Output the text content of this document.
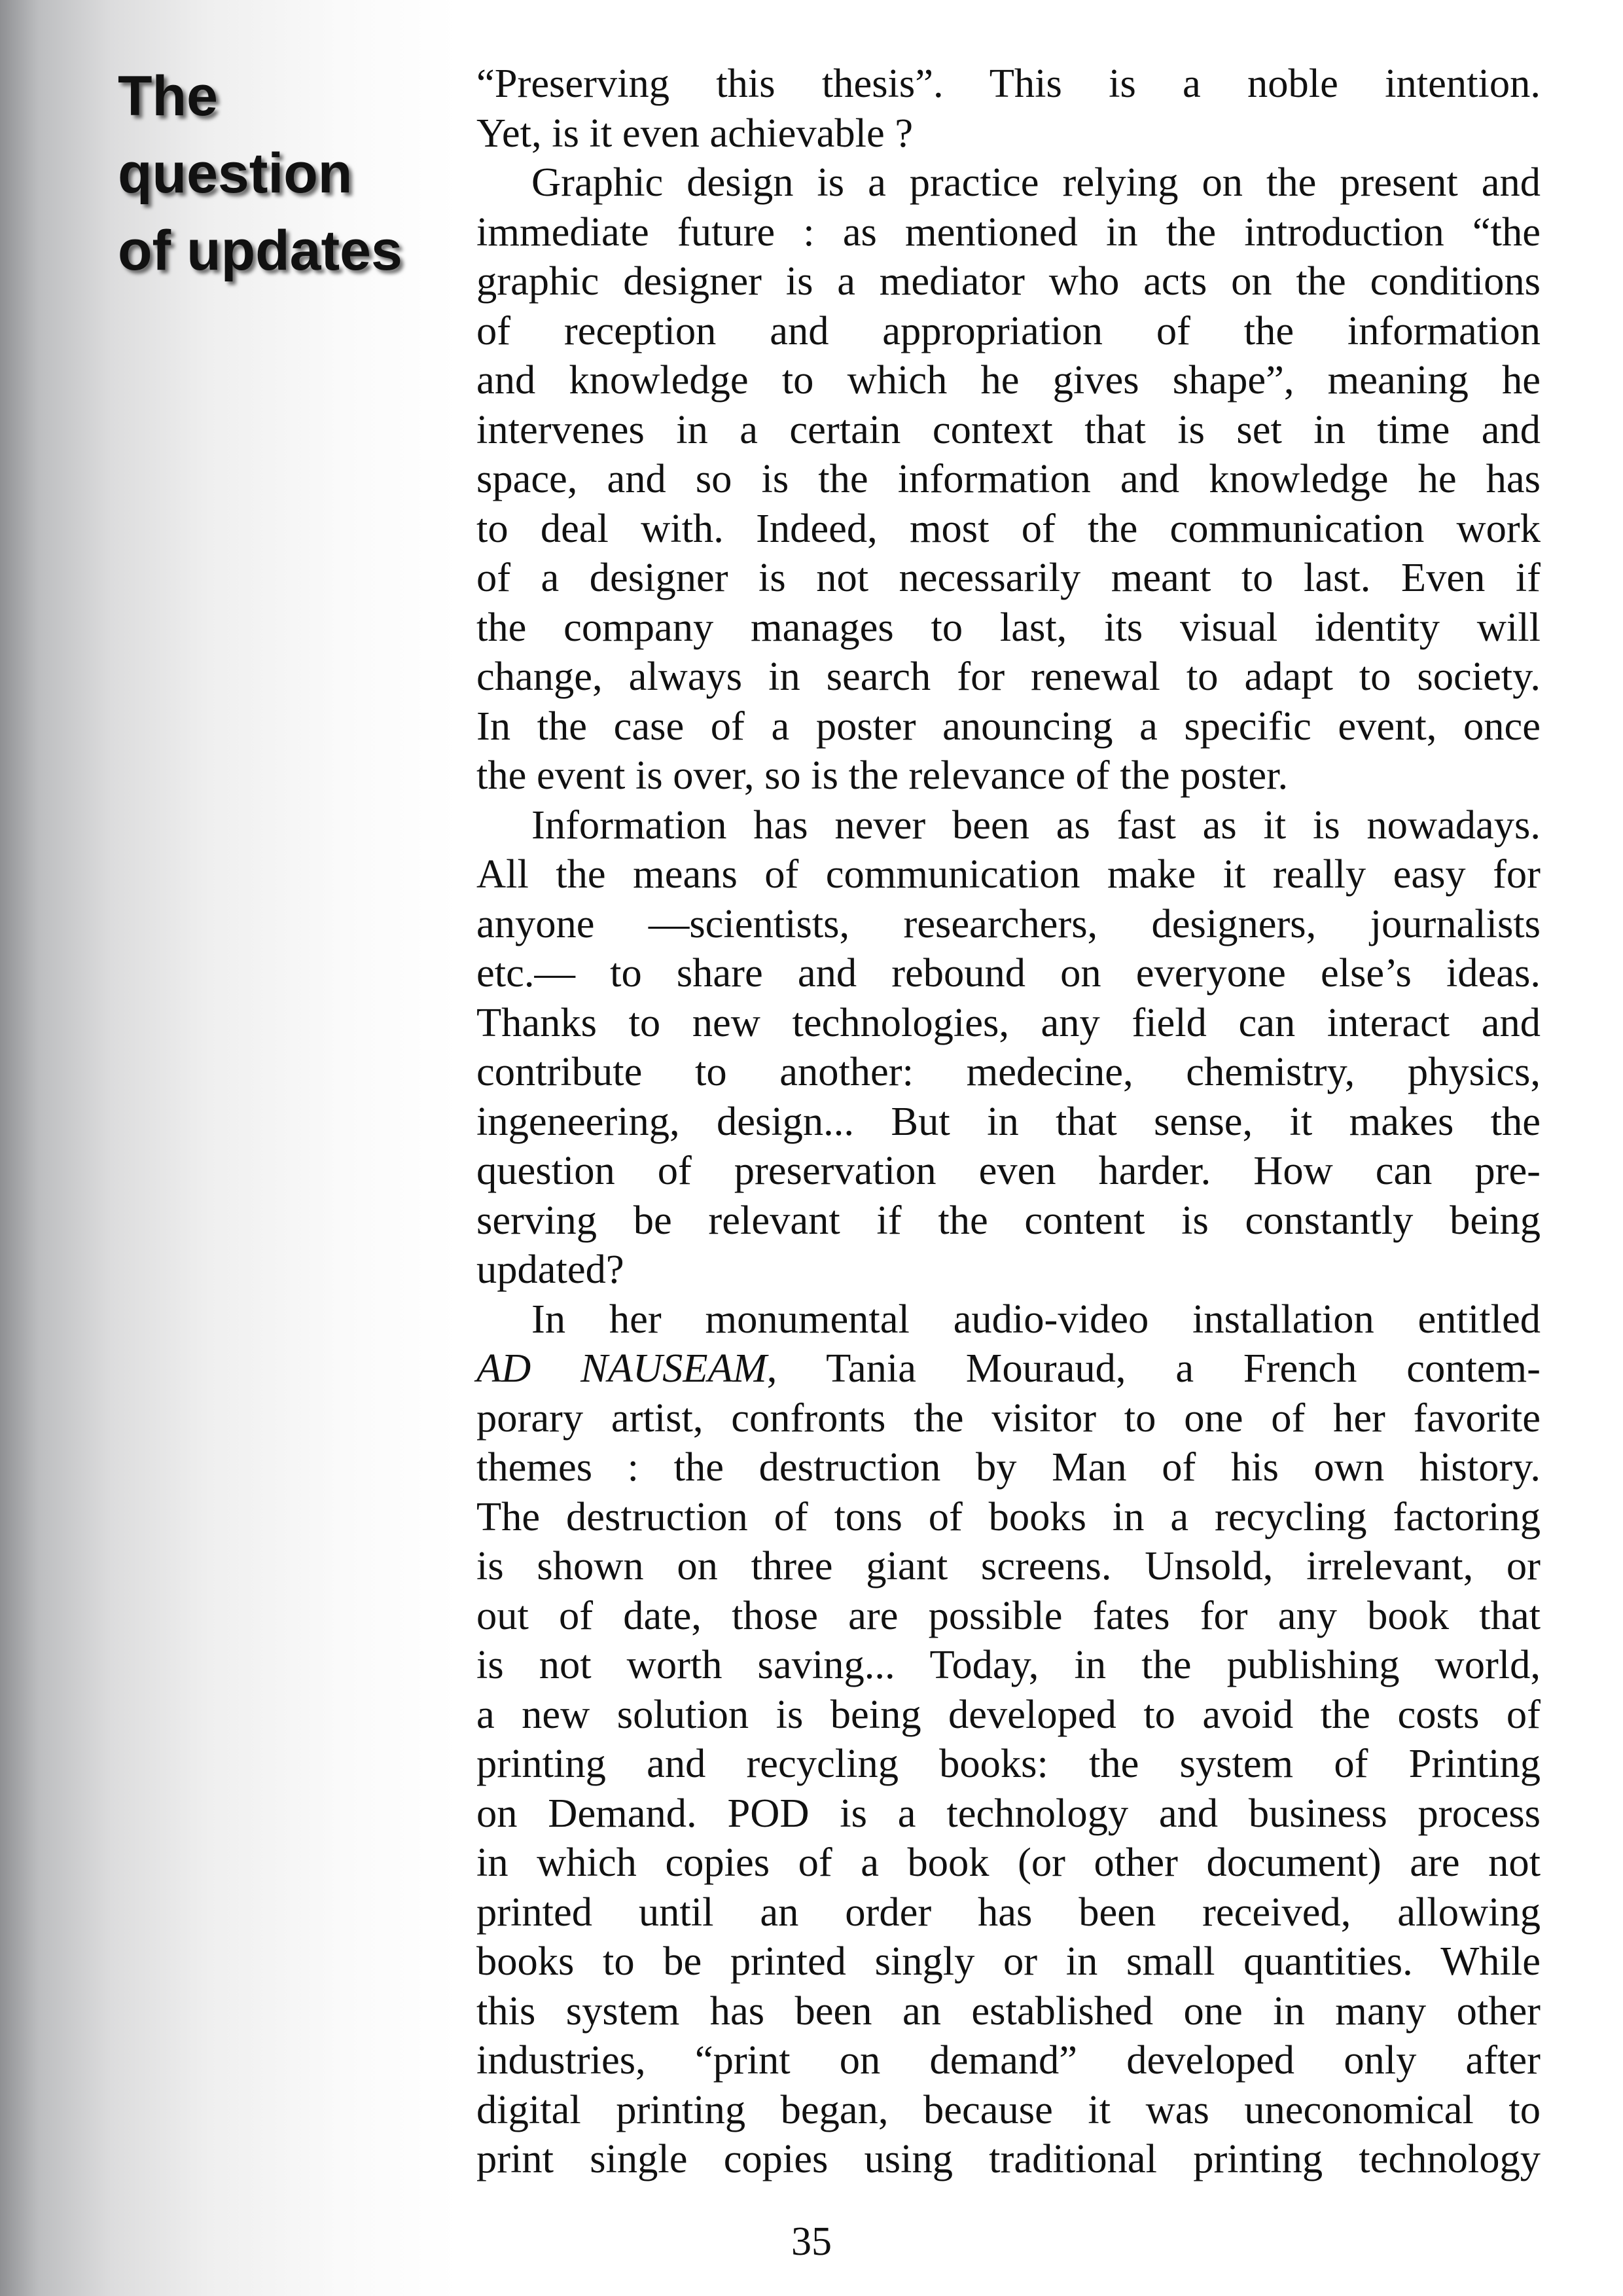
The
question
of updates
“Preserving this thesis”. This is a noble intention.
Yet, is it even achievable ?
Graphic design is a practice relying on the present and
immediate future : as mentioned in the introduction “the
graphic designer is a mediator who acts on the conditions
of reception and appropriation of the information
and knowledge to which he gives shape”, meaning he
intervenes in a certain context that is set in time and
space, and so is the information and knowledge he has
to deal with. Indeed, most of the communication work
of a designer is not necessarily meant to last. Even if
the company manages to last, its visual identity will
change, always in search for renewal to adapt to society.
In the case of a poster anouncing a specific event, once
the event is over, so is the relevance of the poster.
Information has never been as fast as it is nowadays.
All the means of communication make it really easy for
anyone —scientists, researchers, designers, journalists
etc.— to share and rebound on everyone else’s ideas.
Thanks to new technologies, any field can interact and
contribute to another: medecine, chemistry, physics,
ingeneering, design... But in that sense, it makes the
question of preservation even harder. How can pre-
serving be relevant if the content is constantly being
updated?
In her monumental audio-video installation entitled
AD NAUSEAM, Tania Mouraud, a French contem-
porary artist, confronts the visitor to one of her favorite
themes : the destruction by Man of his own history.
The destruction of tons of books in a recycling factoring
is shown on three giant screens. Unsold, irrelevant, or
out of date, those are possible fates for any book that
is not worth saving... Today, in the publishing world,
a new solution is being developed to avoid the costs of
printing and recycling books: the system of Printing
on Demand. POD is a technology and business process
in which copies of a book (or other document) are not
printed until an order has been received, allowing
books to be printed singly or in small quantities. While
this system has been an established one in many other
industries, “print on demand” developed only after
digital printing began, because it was uneconomical to
print single copies using traditional printing technology
35
